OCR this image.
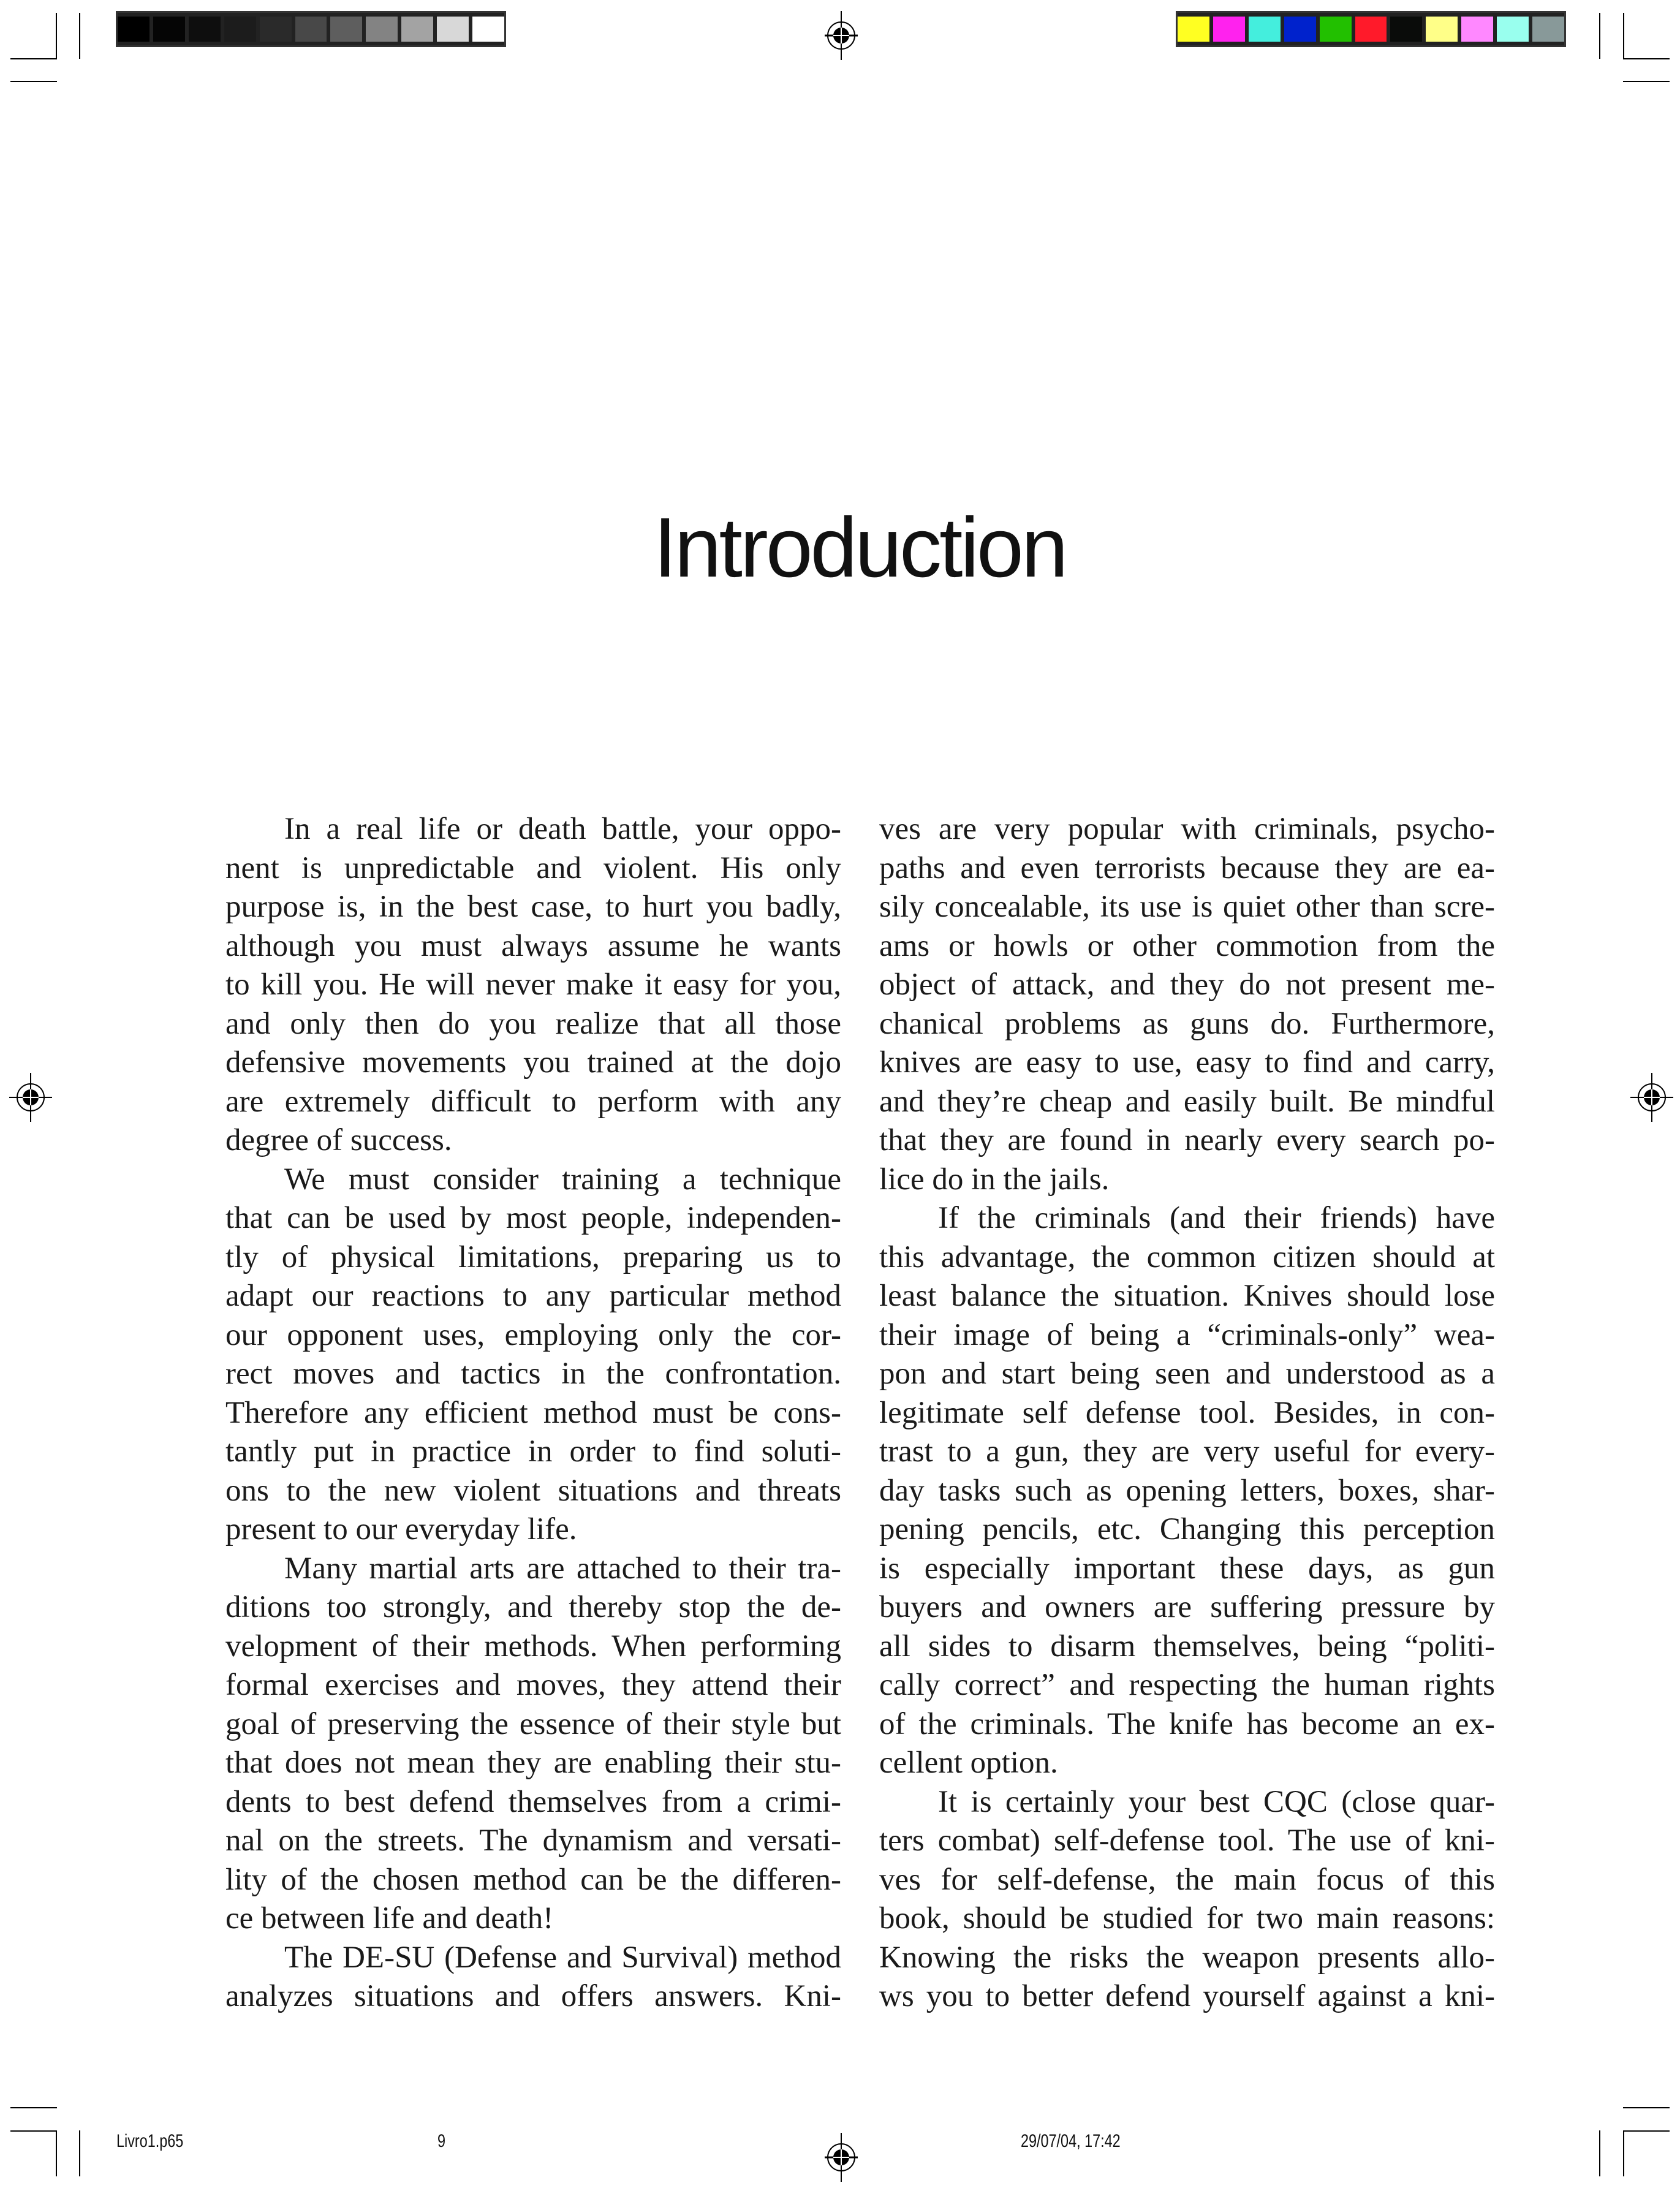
Introduction
In a real life or death battle, your oppo-
nent is unpredictable and violent. His only
purpose is, in the best case, to hurt you badly,
although you must always assume he wants
to kill you. He will never make it easy for you,
and only then do you realize that all those
defensive movements you trained at the dojo
are extremely difficult to perform with any
degree of success.
We must consider training a technique
that can be used by most people, independen-
tly of physical limitations, preparing us to
adapt our reactions to any particular method
our opponent uses, employing only the cor-
rect moves and tactics in the confrontation.
Therefore any efficient method must be cons-
tantly put in practice in order to find soluti-
ons to the new violent situations and threats
present to our everyday life.
Many martial arts are attached to their tra-
ditions too strongly, and thereby stop the de-
velopment of their methods. When performing
formal exercises and moves, they attend their
goal of preserving the essence of their style but
that does not mean they are enabling their stu-
dents to best defend themselves from a crimi-
nal on the streets. The dynamism and versati-
lity of the chosen method can be the differen-
ce between life and death!
The DE-SU (Defense and Survival) method
analyzes situations and offers answers. Kni-
ves are very popular with criminals, psycho-
paths and even terrorists because they are ea-
sily concealable, its use is quiet other than scre-
ams or howls or other commotion from the
object of attack, and they do not present me-
chanical problems as guns do. Furthermore,
knives are easy to use, easy to find and carry,
and they’re cheap and easily built. Be mindful
that they are found in nearly every search po-
lice do in the jails.
If the criminals (and their friends) have
this advantage, the common citizen should at
least balance the situation. Knives should lose
their image of being a “criminals-only” wea-
pon and start being seen and understood as a
legitimate self defense tool. Besides, in con-
trast to a gun, they are very useful for every-
day tasks such as opening letters, boxes, shar-
pening pencils, etc. Changing this perception
is especially important these days, as gun
buyers and owners are suffering pressure by
all sides to disarm themselves, being “politi-
cally correct” and respecting the human rights
of the criminals. The knife has become an ex-
cellent option.
It is certainly your best CQC (close quar-
ters combat) self-defense tool. The use of kni-
ves for self-defense, the main focus of this
book, should be studied for two main reasons:
Knowing the risks the weapon presents allo-
ws you to better defend yourself against a kni-
Livro1.p65	9	29/07/04, 17:42
